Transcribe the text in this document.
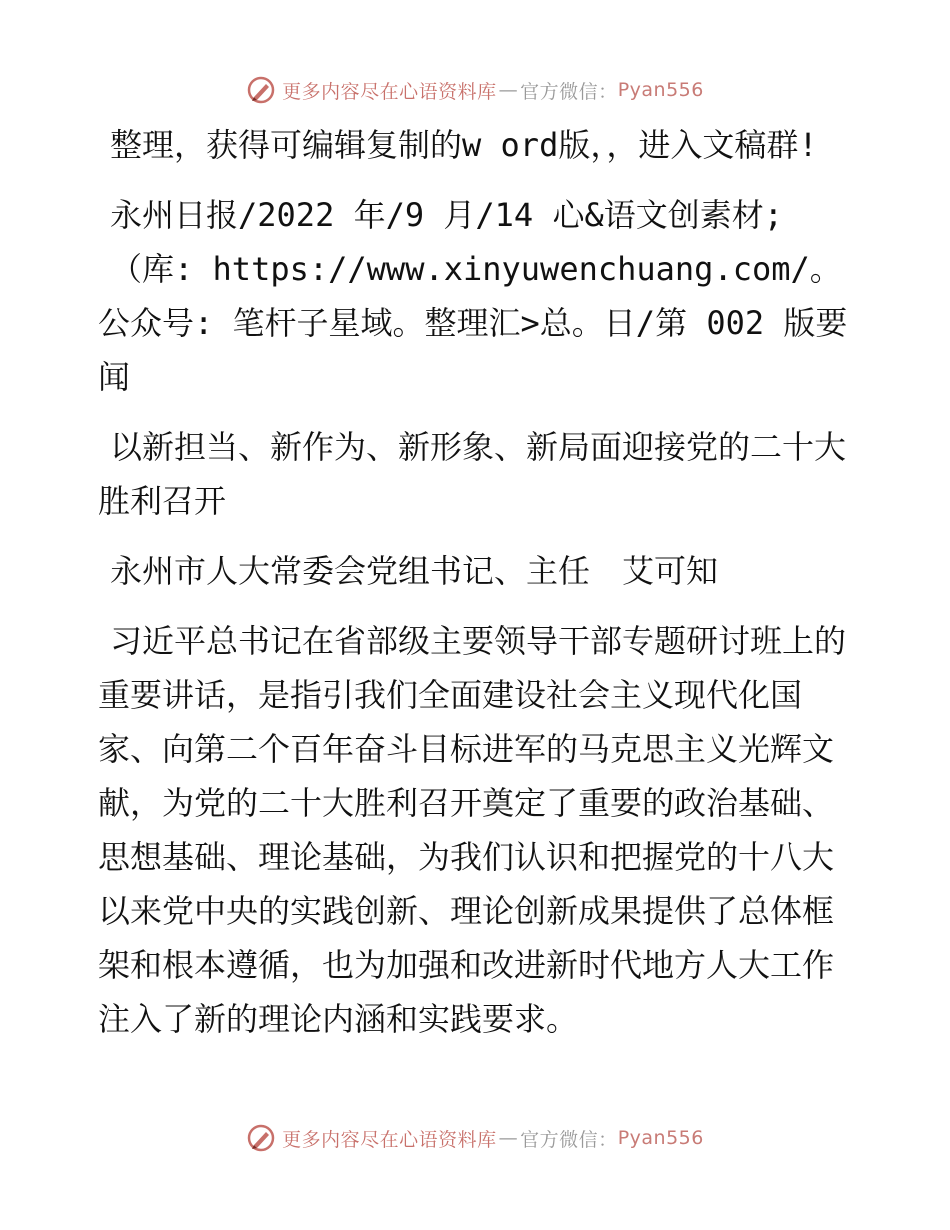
更多内容尽在心语资料库 — 官方微信： Pyan556

整理，获得可编辑复制的w ord版，，进入文稿群!

永州日报/2022 年/9 月/14 心&语文创素材;

（库: https://www.xinyuwenchuang.com/。公众号: 笔杆子星域。整理汇>总。日/第 002 版要闻

以新担当、新作为、新形象、新局面迎接党的二十大胜利召开

永州市人大常委会党组书记、主任　艾可知

习近平总书记在省部级主要领导干部专题研讨班上的重要讲话，是指引我们全面建设社会主义现代化国家、向第二个百年奋斗目标进军的马克思主义光辉文献，为党的二十大胜利召开奠定了重要的政治基础、思想基础、理论基础，为我们认识和把握党的十八大以来党中央的实践创新、理论创新成果提供了总体框架和根本遵循，也为加强和改进新时代地方人大工作注入了新的理论内涵和实践要求。

更多内容尽在心语资料库 — 官方微信： Pyan556
